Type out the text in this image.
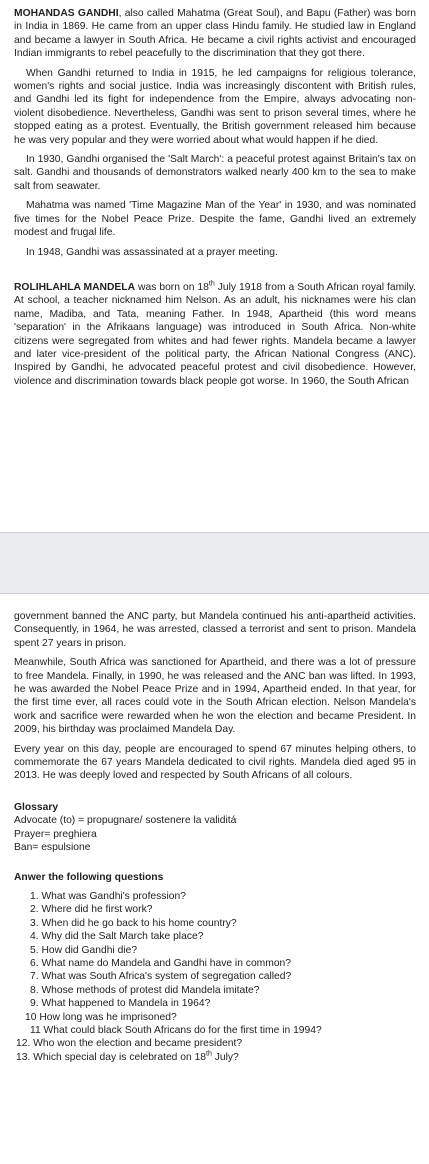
MOHANDAS GANDHI, also called Mahatma (Great Soul), and Bapu (Father) was born in India in 1869. He came from an upper class Hindu family. He studied law in England and became a lawyer in South Africa. He became a civil rights activist and encouraged Indian immigrants to rebel peacefully to the discrimination that they got there.

When Gandhi returned to India in 1915, he led campaigns for religious tolerance, women's rights and social justice. India was increasingly discontent with British rules, and Gandhi led its fight for independence from the Empire, always advocating non-violent disobedience. Nevertheless, Gandhi was sent to prison several times, where he stopped eating as a protest. Eventually, the British government released him because he was very popular and they were worried about what would happen if he died.

In 1930, Gandhi organised the 'Salt March': a peaceful protest against Britain's tax on salt. Gandhi and thousands of demonstrators walked nearly 400 km to the sea to make salt from seawater.

Mahatma was named 'Time Magazine Man of the Year' in 1930, and was nominated five times for the Nobel Peace Prize. Despite the fame, Gandhi lived an extremely modest and frugal life.

In 1948, Gandhi was assassinated at a prayer meeting.

ROLIHLAHLA MANDELA was born on 18th July 1918 from a South African royal family. At school, a teacher nicknamed him Nelson. As an adult, his nicknames were his clan name, Madiba, and Tata, meaning Father. In 1948, Apartheid (this word means 'separation' in the Afrikaans language) was introduced in South Africa. Non-white citizens were segregated from whites and had fewer rights. Mandela became a lawyer and later vice-president of the political party, the African National Congress (ANC). Inspired by Gandhi, he advocated peaceful protest and civil disobedience. However, violence and discrimination towards black people got worse. In 1960, the South African

government banned the ANC party, but Mandela continued his anti-apartheid activities. Consequently, in 1964, he was arrested, classed a terrorist and sent to prison. Mandela spent 27 years in prison.

Meanwhile, South Africa was sanctioned for Apartheid, and there was a lot of pressure to free Mandela. Finally, in 1990, he was released and the ANC ban was lifted. In 1993, he was awarded the Nobel Peace Prize and in 1994, Apartheid ended. In that year, for the first time ever, all races could vote in the South African election. Nelson Mandela's work and sacrifice were rewarded when he won the election and became President. In 2009, his birthday was proclaimed Mandela Day.

Every year on this day, people are encouraged to spend 67 minutes helping others, to commemorate the 67 years Mandela dedicated to civil rights. Mandela died aged 95 in 2013. He was deeply loved and respected by South Africans of all colours.

Glossary

Advocate (to) = propugnare/ sostenere la validitá

Prayer= preghiera

Ban= espulsione

Anwer the following questions

1. What was Gandhi's profession?
2. Where did he first work?
3. When did he go back to his home country?
4. Why did the Salt March take place?
5. How did Gandhi die?
6. What name do Mandela and Gandhi have in common?
7. What was South Africa's system of segregation called?
8. Whose methods of protest did Mandela imitate?
9. What happened to Mandela in 1964?
10 How long was he imprisoned?
11 What could black South Africans do for the first time in 1994?
12. Who won the election and became president?
13. Which special day is celebrated on 18th July?
